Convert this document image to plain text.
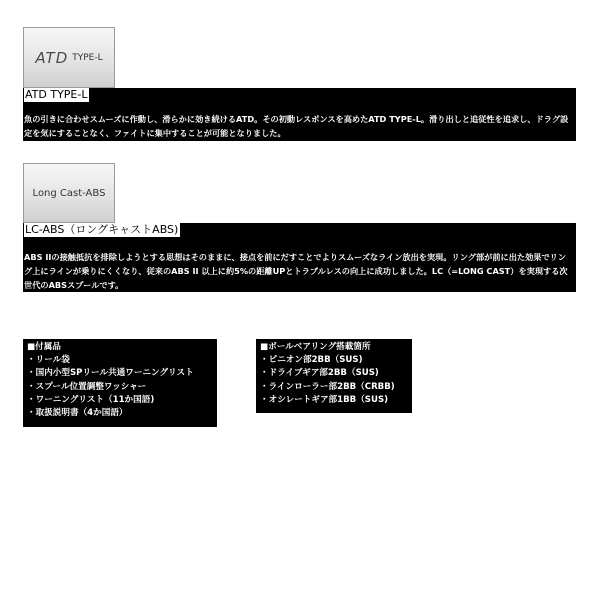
ATD TYPE-L
ATD TYPE-L
魚の引きに合わせスムーズに作動し、滑らかに効き続けるATD。その初動レスポンスを高めたATD TYPE-L。滑り出しと追従性を追求し、ドラグ設定を気にすることなく、ファイトに集中することが可能となりました。
Long Cast-ABS
LC-ABS（ロングキャストABS)
ABS IIの接触抵抗を排除しようとする思想はそのままに、接点を前にだすことでよりスムーズなライン放出を実現。リング部が前に出た効果でリング上にラインが乗りにくくなり、従来のABS II 以上に約5%の距離UPとトラブルレスの向上に成功しました。LC（=LONG CAST）を実現する次世代のABSスプールです。
■付属品
・リール袋
・国内小型SPリール共通ワーニングリスト
・スプール位置調整ワッシャー
・ワーニングリスト（11か国語)
・取扱説明書（4か国語）
■ボールベアリング搭載箇所
・ピニオン部2BB（SUS)
・ドライブギア部2BB（SUS)
・ラインローラー部2BB（CRBB)
・オシレートギア部1BB（SUS)
